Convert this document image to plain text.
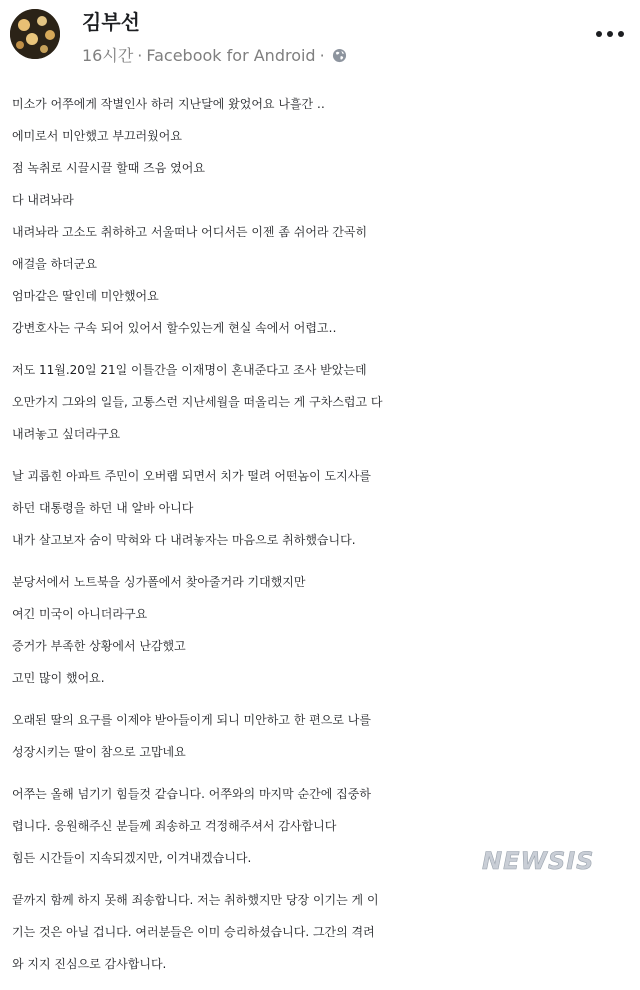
김부선
16시간 · Facebook for Android ·
미소가 어쭈에게 작별인사 하러 지난달에 왔었어요 나흘간 ‥
에미로서 미안했고 부끄러웠어요
점 녹취로 시끌시끌 할때 즈음 였어요
다 내려놔라
내려놔라 고소도 취하하고 서울떠나 어디서든 이젠 좀 쉬어라 간곡히
애걸을 하더군요
엄마같은 딸인데 미안했어요
강변호사는 구속 되어 있어서 할수있는게 현실 속에서 어렵고‥
저도 11월.20일 21일 이틀간을 이재명이 혼내준다고 조사 받았는데
오만가지 그와의 일들, 고통스런 지난세월을 떠올리는 게 구차스럽고 다
내려놓고 싶더라구요
날 괴롭힌 아파트 주민이 오버랩 되면서 치가 떨려 어떤놈이 도지사를
하던 대통령을 하던 내 알바 아니다
내가 살고보자 숨이 막혀와 다 내려놓자는 마음으로 취하했습니다.
분당서에서 노트북을 싱가폴에서 찾아줄거라 기대했지만
여긴 미국이 아니더라구요
증거가 부족한 상황에서 난감했고
고민 많이 했어요.
오래된 딸의 요구를 이제야 받아들이게 되니 미안하고 한 편으로 나를
성장시키는 딸이 참으로 고맙네요
어쭈는 올해 넘기기 힘들것 같습니다. 어쭈와의 마지막 순간에 집중하
렵니다. 응원해주신 분들께 죄송하고 걱정해주셔서 감사합니다
힘든 시간들이 지속되겠지만, 이겨내겠습니다.
끝까지 함께 하지 못해 죄송합니다. 저는 취하했지만 당장 이기는 게 이
기는 것은 아닐 겁니다. 여러분들은 이미 승리하셨습니다. 그간의 격려
와 지지 진심으로 감사합니다.
NEWSIS
